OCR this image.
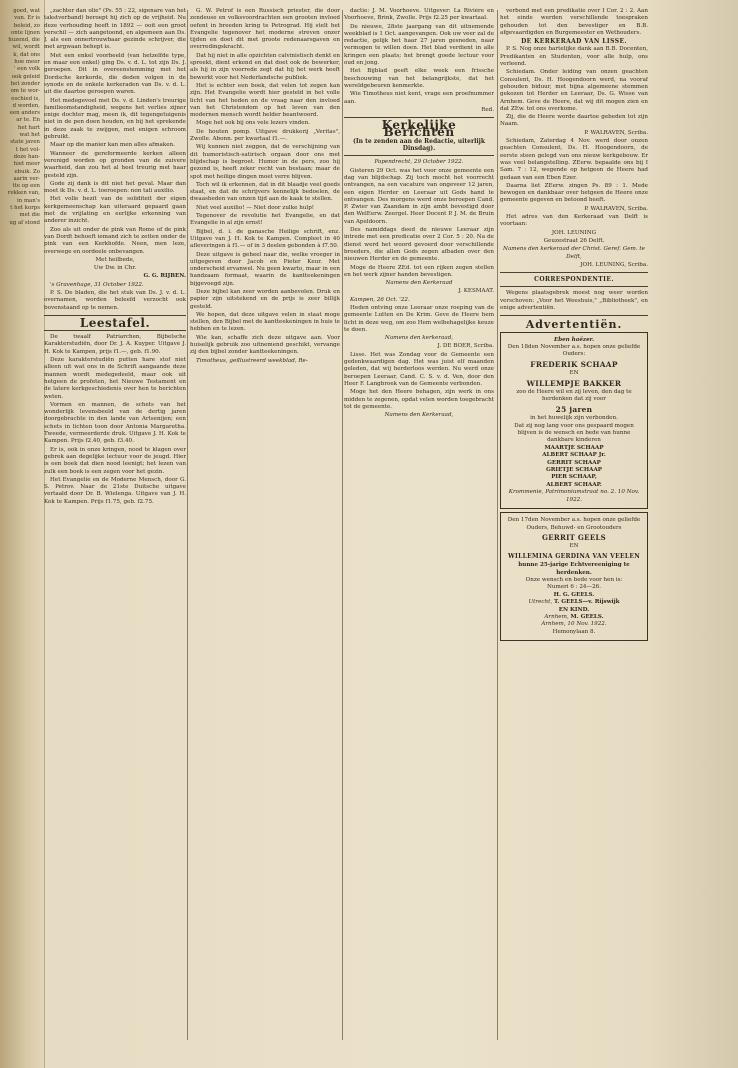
goed, wat
van. Er is
beleid, zo
onte lijnen
huzend, die
wil, wordt
k, dat ons
hoe meer
' een volk
ook geleid
het zonder
om te wor-
eschied is,
d worden,
een anders
ar te. En
het hart
wat het
state javen
t het vol-
deze han-
hiet meer
ebuik. Zo
aarin ver-
tte op een
rekken van,
in man's
t het korps
met die
ug af stond

„zachter dan olie" (Ps. 55 : 22, sigenare van het takstverband) beroept hij zich op de vrijheid. Nu deze verhouding heeft in 1892 — ooit een groot verschil — zich aangetoond, en algemeen aan Ds. J. als een onnertrouwbaar gezinde schrijver, die met argwaan behept is.

Met een enkel voorbeeld (van hetzelfde type, en maar een enkel) ging Ds. v. d. L. tot zijn Ds. J. geroepen. Dit in overeenstemming met het Dordsche kerkorde, die deden volgen in de synode en de enkele kerkeraden van Ds. v. d. L. uit die daartoe geroepen waren.

Het medegevoel met Ds. v. d. Linden's treurige familieomstandigheid, wegens het verlies zijner enige dochter mag, meen ik, dit tegengetuigenis niet in de pen doen houden, en bij het sprekende in deze zaak te zwijgen, met enigen schroom gebruikt.

Maar op die manier kan men alles afmaken.

Wanneer de gereformeerde kerken alleen verenigd worden op gronden van de zuivere waarheid, dan zou het al heel treurig met haar gesteld zijn.

Gode zij dank is dit niet het geval. Maar dan moet ik Ds. v. d. L. toeroepen: non tali auxilio.

Het volle bezit van de soliditeit der eigen kerkgemeenschap kan uiteraard gepaard gaan met de vrijlating en eerlijke erkenning van anderer inzicht.

Zoo als uit onder de pink van Rome of de pink van Dordt behoeft iemand zich te zetten onder de pink van een Kerkhofde. Neen, men leze, overwege en oordeele onbevangen.

Met heilbede,

Uw Dw. in Chr.

G. G. RIJBEN.

's Gravenhage, 31 October 1922.

P. S. De bladen, die het stuk van Ds. J. v. d. L. overnamen, worden beleefd verzocht ook bovenstaand op te nemen.

Leestafel.

De twaalf Patriarchen, Bijbelsche Karakterstudiën, door Dr. J. A. Kuyper. Uitgave J. H. Kok te Kampen, prijs f1.—, geb. f1.90.

Deze karakterstudiën putten hare stof niet alleen uit wat ons in de Schrift aangaande deze mannen wordt medegedeeld, maar ook uit hetgeen de profeten, het Nieuwe Testament en de latere kerkgeschiedenis over hen te berichten weten.

Vormen en mannen, de schets van het wonderlijk levensbeeld van de dertig jaren doorgebrachte in den lande van Artsenijen; een schets in lichten toon door Antonia Margaretha. Tweede, vermeerderde druk. Uitgave J. H. Kok te Kampen. Prijs f2.40, geb. f3.40.

Er is, ook in onze kringen, nood te klagen over gebrek aan degelijke lectuur voor de jeugd. Hier is een boek dat dien nood leenigt; het lezen van zulk een boek is een zegen voor het gezin.

Het Evangelie en de Moderne Mensch, door G. S. Petrov. Naar de 21ste Duitsche uitgave vertaald door Dr. B. Wielenga. Uitgave van J. H. Kok te Kampen. Prijs f1.75, geb. f2.75.

G. W. Petrof is een Russisch priester, die door zendeuse en volksvoordrachten een grooten invloed oefent in breeden kring te Petrograd. Hij stelt het Evangelie tegenover het moderne streven onzer tijden en doet dit met groote redenaarsgaven en overredingskracht.

Dat hij niet in alle opzichten calvinistisch denkt en spreekt, dient erkend en dat doet ook de bewerker, als hij in zijn voorrede zegt dat hij het werk heeft bewerkt voor het Nederlandsche publiek.

Het is echter een boek, dat velen tot zegen kan zijn. Het Evangelie wordt hier gesteld in het volle licht van het heden en de vraag naar den invloed van het Christendom op het leven van den modernen mensch wordt helder beantwoord.

Moge het ook bij ons vele lezers vinden.

De houten pomp. Uitgave drukkerij „Veritas", Zwolle. Abonn. per kwartaal f1.—.

Wij kunnen niet zeggen, dat de verschijning van dit humoristisch-satirisch orgaan door ons met blijdschap is begroet. Humor in de pers, zoo hij gezond is, heeft zeker recht van bestaan; maar de spot met heilige dingen moet verre blijven.

Toch wil ik erkennen, dat in dit blaadje veel goeds staat, en dat de schrijvers kennelijk bedoelen, de dwaasheden van onzen tijd aan de kaak te stellen.

Niet veel auxilio! — Niet door zulke hulp!

Tegenover de revolutie het Evangelie, en dat Evangelie in al zijn ernst!

Bijbel, d. i. de ganasche Heilige schrift, enz. Uitgave van J. H. Kok te Kampen. Compleet in 40 afleveringen à f1.— of in 3 deelen gebonden à f7.50.

Deze uitgave is geheel naar die, welke vroeger in uitgegeven door Jacob en Pieter Keur. Met onderscheid ervanwel. Nu geen kwarto, maar in een handzaam formaat, waarin de kantteekeningen bijgevoegd zijn.

Deze bijbel kan zeer worden aanbevolen. Druk en papier zijn uitstekend en de prijs is zeer billijk gesteld.

We hopen, dat deze uitgave velen in staat moge stellen, den Bijbel met de kantteekeningen in huis te hebben en te lezen.

Wie kan, schaffe zich deze uitgave aan. Voor huiselijk gebruik zoo uitnemend geschikt, vervange zij den bijbel zonder kantteekeningen.

Timotheus, geïllustreerd weekblad, Re-

dactie: J. M. Voorhoeve. Uitgever: La Rivière en Voorhoeve, Brink, Zwolle. Prijs f2.25 per kwartaal.

De nieuwe, 28ste jaargang van dit uitnemende weekblad is 1 Oct. aangevangen. Ook uw veer zal de redactie, gelijk het haar 27 jaren gesneden, naar vermogen te willen doen. Het blad verdient in alle kringen een plaats; het brengt goede lectuur voor oud en jong.

Het Bijblad geeft elke week een frissche beschouwing van het belangrijkste, dat het wereldgebeuren kenmerkte.

Wie Timotheus niet kent, vrage een proefnummer aan.

Red.

Kerkelijke Berichten
(In te zenden aan de Redactie, uiterlijk Dinsdag).

Papendrecht, 29 October 1922.

Gisteren 29 Oct. was het voor onze gemeente een dag van blijdschap. Zij toch mocht het voorrecht ontvangen, na een vacature van ongeveer 12 jaren, een eigen Herder en Leeraar uit Gods hand te ontvangen. Des morgens werd onze beroepen Cand. P. Zwier van Zaandam in zijn ambt bevestigd door den WelEerw. Zeergel. Heer Docent P. J. M. de Bruin van Apeldoorn.

Des namiddags deed de nieuwe Leeraar zijn intrede met een predicatie over 2 Cor. 5 : 20. Na de dienst werd het woord gevoerd door verschillende broeders, die allen Gods zegen afbaden over den nieuwen Herder en de gemeente.

Moge de Heere ZEd. tot een rijken zegen stellen en het werk zijner handen bevestigen.

Namens den Kerkeraad

J. KESMAAT.

Kampen, 26 Oct. '22.

Heden ontving onze Leeraar onze roeping van de gemeente Lutten en De Krim. Geve de Heere hem licht in deze weg, om zoo Hem welbehagelijke keuze te doen.

Namens den kerkeraad,

J. DE BOER, Scriba.

Lisse. Het was Zondag voor de Gemeente een gedenkwaardigen dag. Het was juist elf maanden geleden, dat wij herderloos werden. Nu werd onze beroepen Leeraar, Cand. C. S. v. d. Ven, door den Heer F. Langbroek van de Gemeente verbonden.

Moge het den Heere behagen, zijn werk in ons midden te zegenen, opdat velen worden toegebracht tot de gemeente.

Namens den Kerkeraad,

verbond met een predikatie over I Cor. 2 : 2. Aan het einde werden verschillende toespraken gehouden tot den bevestiger en B.B. afgevaardigden en Burgemeester en Wethouders.

DE KERKERAAD VAN LISSE.

P. S. Nog onze hartelijke dank aan B.B. Docenten, Predikanten en Studenten, voor alle hulp, ons verleend.

Schiedam. Onder leiding van onzen geachten Consulent, Ds. H. Hoogendoorn werd, na vooraf gehouden biduur, met bijna algemeene stemmen gekozen tot Herder en Leeraar, Ds. G. Wisse van Arnhem. Geve de Heere, dat wij dit mogen zien en dat ZEw. tot ons overkome.

Zij, die de Heere worde daartoe gebeden tot zijn Naam.

P. WALRAVEN, Scriba.

Schiedam, Zaterdag 4 Nov. werd door onzen geachten Consulent, Ds. H. Hoogendoorn, de eerste steen gelegd van ons nieuw kerkgebouw. Er was veel belangstelling. ZEerw. bepaalde ons bij I Sam. 7 : 12, wegende op hetgeen de Heere had gedaan van een Eben Ezer.

Daarna liet ZEerw. zingen Ps. 89 : 1. Mede bewogen en dankbaar over hetgeen de Heere onze gemeente gegeven en betoond heeft.

P. WALRAVEN, Scriba.

Het adres van den Kerkeraad van Delft is voortaan:

JOH. LEUNING

Geuzestraat 26 Delft.

Namens den kerkeraad der Christ. Geref. Gem. te Delft,

JOH. LEUNING, Scriba.

CORRESPONDENTIE.

Wegens plaatsgebrek moest nog weer worden verschoven: „Voor het Weeshuis," „Bibliotheek", en enige advertentiën.

Advertentiën.
Eben haëzer.
Den 18den November a.s. hopen onze geliefde Ouders:
FREDERIK SCHAAP
EN
WILLEMPJE BAKKER
zoo de Heere wil en zij leven, den dag te herdenken dat zij voor
25 jaren
in het huwelijk zijn verbonden.
Dat zij nog lang voor ons gespaard mogen blijven is de wensch en bede van hunne dankbare kinderen
MAARTJE SCHAAP
ALBERT SCHAAP Jr.
GERRIT SCHAAP
GRIETJE SCHAAP
PIER SCHAAP,
ALBERT SCHAAP.
Krommenie, Patrimoniumstraat no. 2. 10 Nov. 1922.
Den 17den November a.s. hopen onze geliefde Ouders, Behuwd- en Grootouders
GERRIT GEELS
EN
WILLEMINA GERDINA VAN VEELEN
hunne 25-jarige Echtvereeniging te herdenken.
Onze wensch en bede voor hen is:
Numeri 6 : 24—26.
H. G. GEELS.
Utrecht, T. GEELS—v. Rijswijk
EN KIND.
Arnhem, M. GEELS.
Arnhem, 10 Nov. 1922.
Hemonylaan 8.
